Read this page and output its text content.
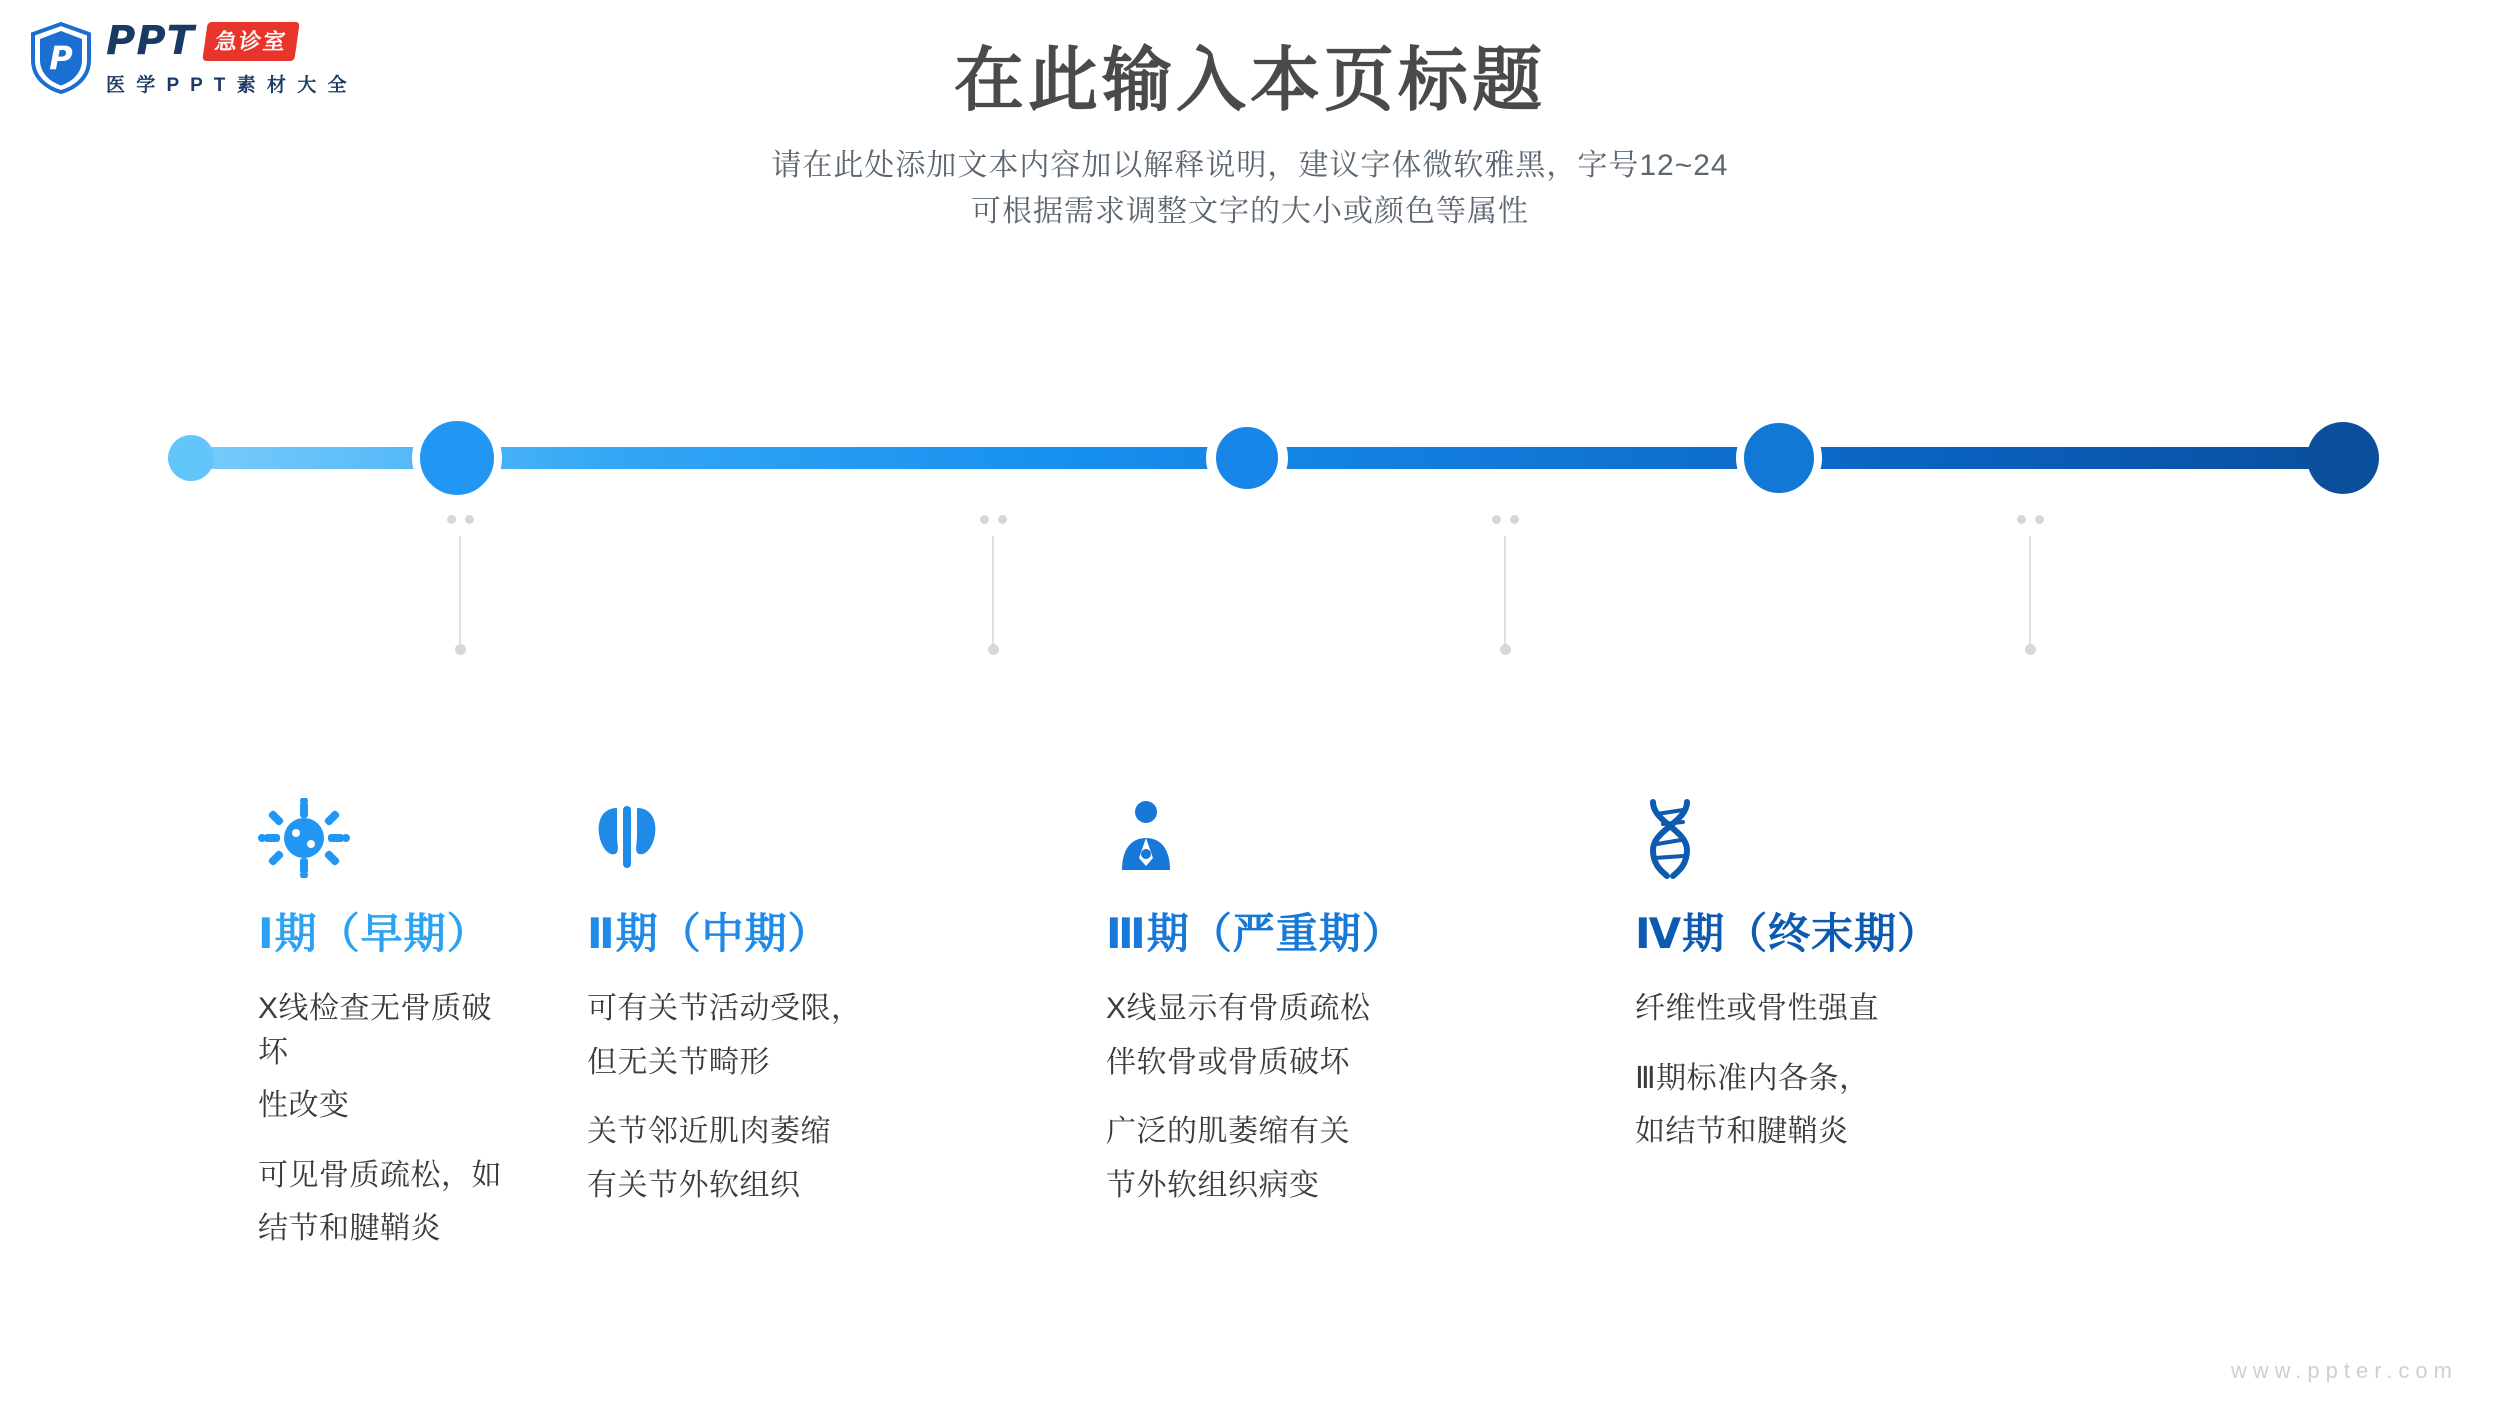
P PPT 急诊室
医 学 P P T 素 材 大 全	在此输入本页标题
请在此处添加文本内容加以解释说明，建议字体微软雅黑，字号12~24
可根据需求调整文字的大小或颜色等属性
Ⅰ期（早期）

X线检查无骨质破坏

性改变

可见骨质疏松，如

结节和腱鞘炎

Ⅱ期（中期）

可有关节活动受限，

但无关节畸形

关节邻近肌肉萎缩

有关节外软组织

Ⅲ期（严重期）

X线显示有骨质疏松

伴软骨或骨质破坏

广泛的肌萎缩有关

节外软组织病变

Ⅳ期（终末期）

纤维性或骨性强直

Ⅲ期标准内各条，

如结节和腱鞘炎

www.ppter.com
